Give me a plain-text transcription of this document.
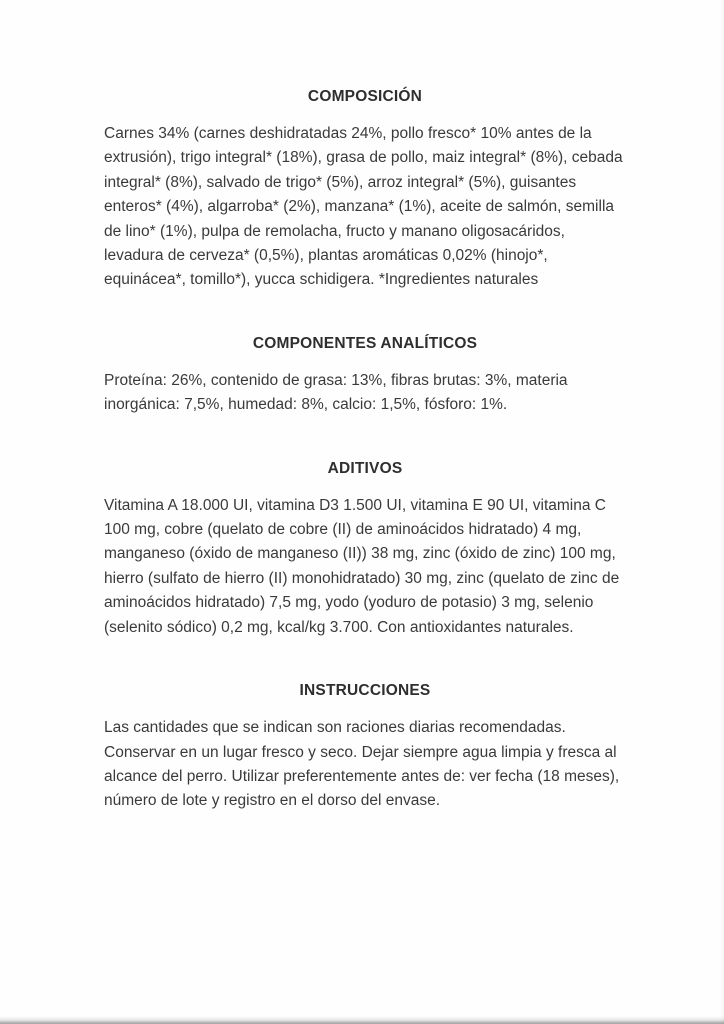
COMPOSICIÓN

Carnes 34% (carnes deshidratadas 24%, pollo fresco* 10% antes de la extrusión), trigo integral* (18%), grasa de pollo, maiz integral* (8%), cebada integral* (8%), salvado de trigo* (5%), arroz integral* (5%), guisantes enteros* (4%), algarroba* (2%), manzana* (1%), aceite de salmón, semilla de lino* (1%), pulpa de remolacha, fructo y manano oligosacáridos, levadura de cerveza* (0,5%), plantas aromáticas 0,02% (hinojo*, equinácea*, tomillo*), yucca schidigera. *Ingredientes naturales

COMPONENTES ANALÍTICOS

Proteína: 26%, contenido de grasa: 13%, fibras brutas: 3%, materia inorgánica: 7,5%, humedad: 8%, calcio: 1,5%, fósforo: 1%.

ADITIVOS

Vitamina A 18.000 UI, vitamina D3 1.500 UI, vitamina E 90 UI, vitamina C 100 mg, cobre (quelato de cobre (II) de aminoácidos hidratado) 4 mg, manganeso (óxido de manganeso (II)) 38 mg, zinc (óxido de zinc) 100 mg, hierro (sulfato de hierro (II) monohidratado) 30 mg, zinc (quelato de zinc de aminoácidos hidratado) 7,5 mg, yodo (yoduro de potasio) 3 mg, selenio (selenito sódico) 0,2 mg, kcal/kg 3.700. Con antioxidantes naturales.

INSTRUCCIONES

Las cantidades que se indican son raciones diarias recomendadas. Conservar en un lugar fresco y seco. Dejar siempre agua limpia y fresca al alcance del perro. Utilizar preferentemente antes de: ver fecha (18 meses), número de lote y registro en el dorso del envase.
